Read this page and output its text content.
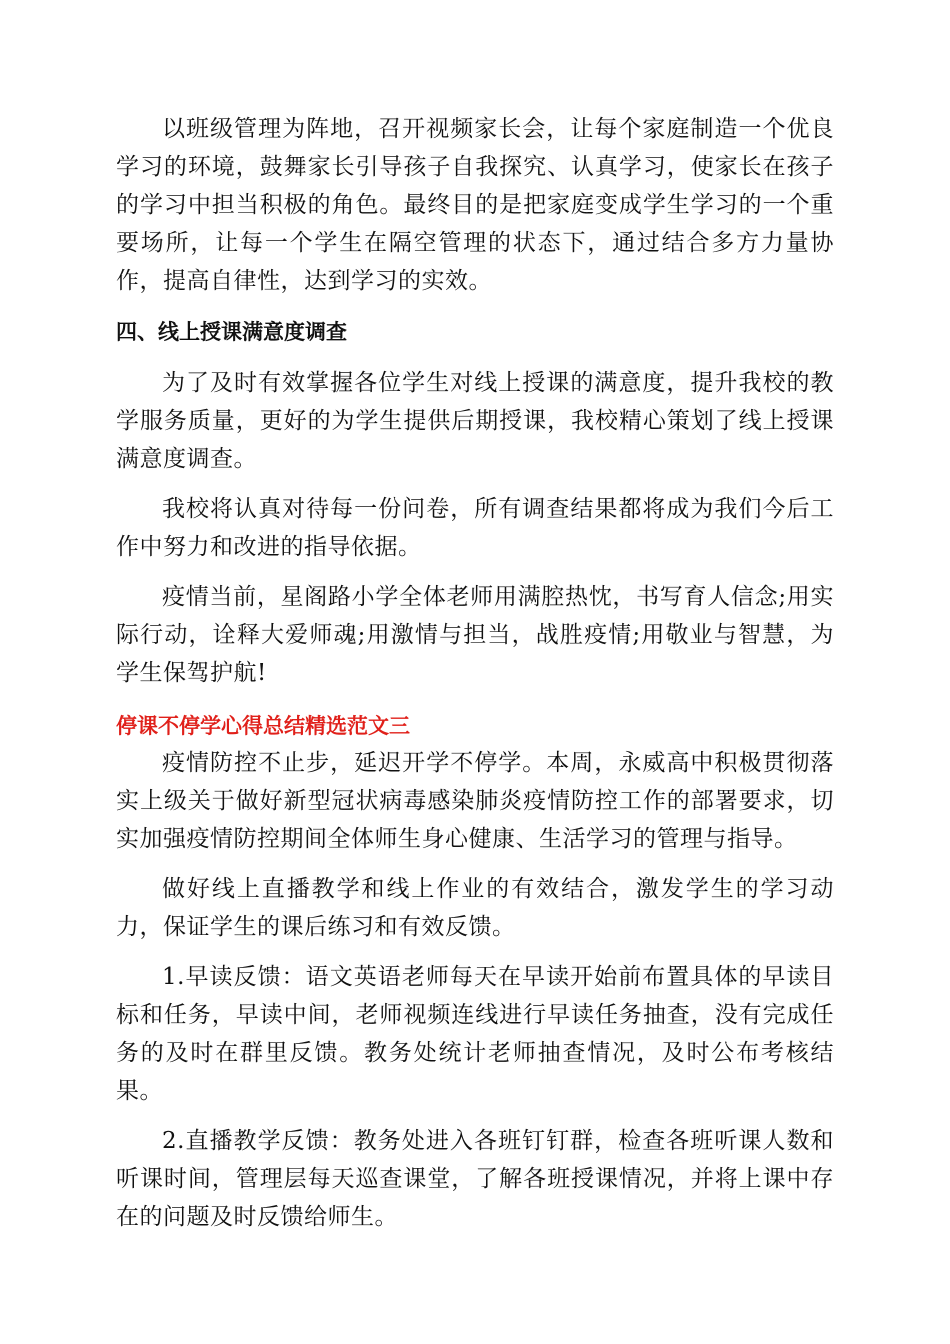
以班级管理为阵地，召开视频家长会，让每个家庭制造一个优良学习的环境，鼓舞家长引导孩子自我探究、认真学习，使家长在孩子的学习中担当积极的角色。最终目的是把家庭变成学生学习的一个重要场所，让每一个学生在隔空管理的状态下，通过结合多方力量协作，提高自律性，达到学习的实效。

四、线上授课满意度调查

为了及时有效掌握各位学生对线上授课的满意度，提升我校的教学服务质量，更好的为学生提供后期授课，我校精心策划了线上授课满意度调查。

我校将认真对待每一份问卷，所有调查结果都将成为我们今后工作中努力和改进的指导依据。

疫情当前，星阁路小学全体老师用满腔热忱，书写育人信念;用实际行动，诠释大爱师魂;用激情与担当，战胜疫情;用敬业与智慧，为学生保驾护航!

停课不停学心得总结精选范文三

疫情防控不止步，延迟开学不停学。本周，永威高中积极贯彻落实上级关于做好新型冠状病毒感染肺炎疫情防控工作的部署要求，切实加强疫情防控期间全体师生身心健康、生活学习的管理与指导。

做好线上直播教学和线上作业的有效结合，激发学生的学习动力，保证学生的课后练习和有效反馈。

1.早读反馈：语文英语老师每天在早读开始前布置具体的早读目标和任务，早读中间，老师视频连线进行早读任务抽查，没有完成任务的及时在群里反馈。教务处统计老师抽查情况，及时公布考核结果。

2.直播教学反馈：教务处进入各班钉钉群，检查各班听课人数和听课时间，管理层每天巡查课堂，了解各班授课情况，并将上课中存在的问题及时反馈给师生。
